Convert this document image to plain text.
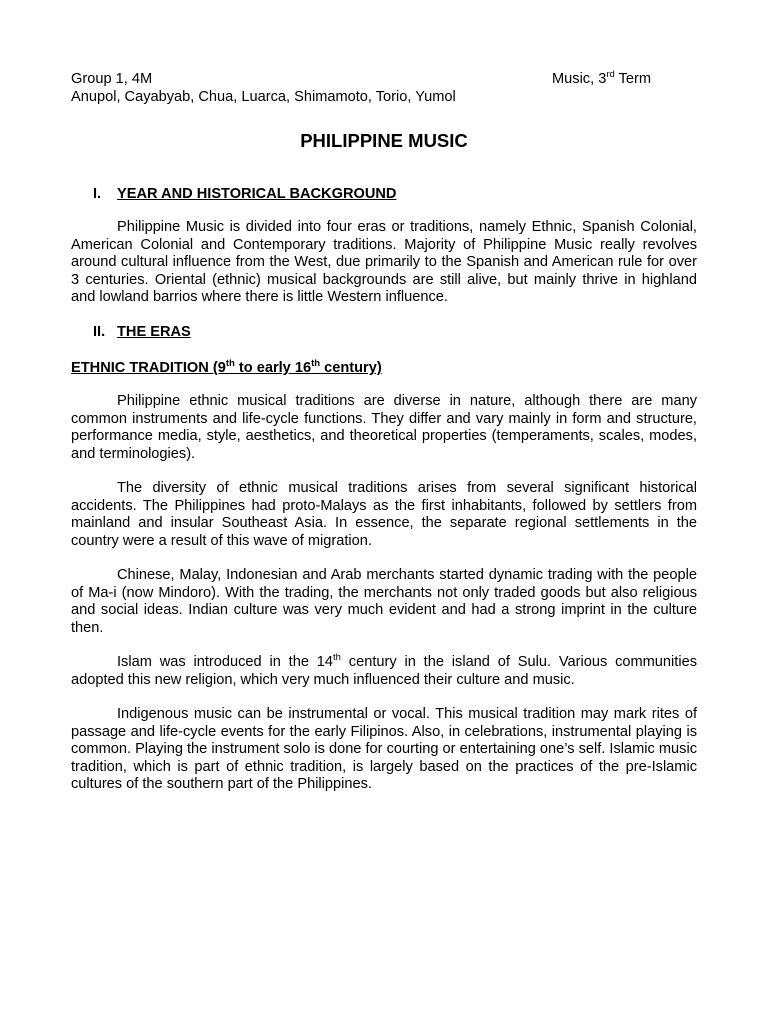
Group 1, 4M
Anupol, Cayabyab, Chua, Luarca, Shimamoto, Torio, Yumol
Music, 3rd Term
PHILIPPINE MUSIC
I. YEAR AND HISTORICAL BACKGROUND

Philippine Music is divided into four eras or traditions, namely Ethnic, Spanish Colonial, American Colonial and Contemporary traditions. Majority of Philippine Music really revolves around cultural influence from the West, due primarily to the Spanish and American rule for over 3 centuries. Oriental (ethnic) musical backgrounds are still alive, but mainly thrive in highland and lowland barrios where there is little Western influence.

II. THE ERAS
ETHNIC TRADITION (9th to early 16th century)

Philippine ethnic musical traditions are diverse in nature, although there are many common instruments and life-cycle functions. They differ and vary mainly in form and structure, performance media, style, aesthetics, and theoretical properties (temperaments, scales, modes, and terminologies).

The diversity of ethnic musical traditions arises from several significant historical accidents. The Philippines had proto-Malays as the first inhabitants, followed by settlers from mainland and insular Southeast Asia. In essence, the separate regional settlements in the country were a result of this wave of migration.

Chinese, Malay, Indonesian and Arab merchants started dynamic trading with the people of Ma-i (now Mindoro). With the trading, the merchants not only traded goods but also religious and social ideas. Indian culture was very much evident and had a strong imprint in the culture then.

Islam was introduced in the 14th century in the island of Sulu. Various communities adopted this new religion, which very much influenced their culture and music.

Indigenous music can be instrumental or vocal. This musical tradition may mark rites of passage and life-cycle events for the early Filipinos. Also, in celebrations, instrumental playing is common. Playing the instrument solo is done for courting or entertaining one’s self. Islamic music tradition, which is part of ethnic tradition, is largely based on the practices of the pre-Islamic cultures of the southern part of the Philippines.
